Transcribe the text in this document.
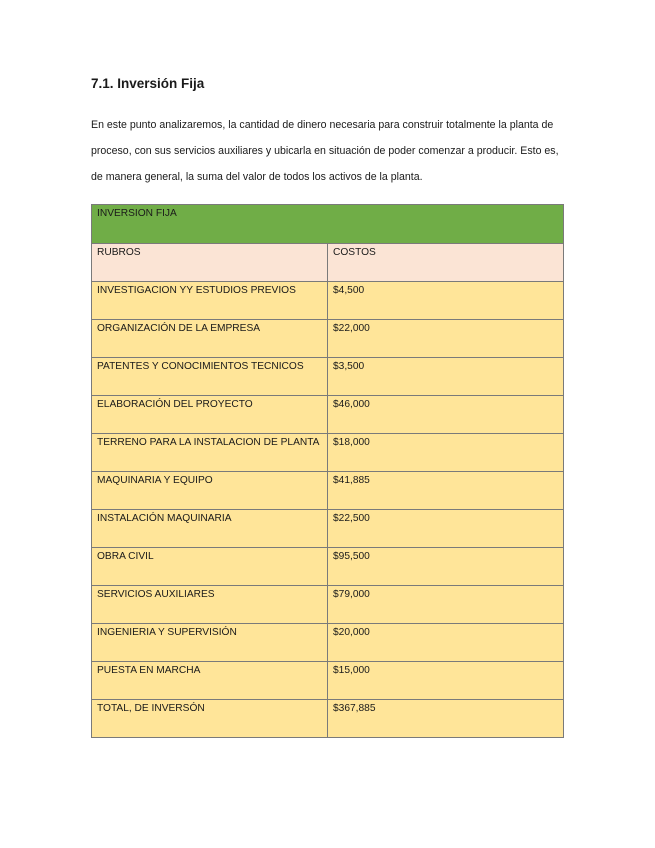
7.1. Inversión Fija

En este punto analizaremos, la cantidad de dinero necesaria para construir totalmente la planta de
proceso, con sus servicios auxiliares y ubicarla en situación de poder comenzar a producir. Esto es,
de manera general, la suma del valor de todos los activos de la planta.

INVERSION FIJA	
RUBROS	COSTOS
INVESTIGACION YY ESTUDIOS PREVIOS	$4,500
ORGANIZACIÓN DE LA EMPRESA	$22,000
PATENTES Y CONOCIMIENTOS TECNICOS	$3,500
ELABORACIÓN DEL PROYECTO	$46,000
TERRENO PARA LA INSTALACION DE PLANTA	$18,000
MAQUINARIA Y EQUIPO	$41,885
INSTALACIÓN MAQUINARIA	$22,500
OBRA CIVIL	$95,500
SERVICIOS AUXILIARES	$79,000
INGENIERIA Y SUPERVISIÓN	$20,000
PUESTA EN MARCHA	$15,000
TOTAL, DE INVERSÓN	$367,885
